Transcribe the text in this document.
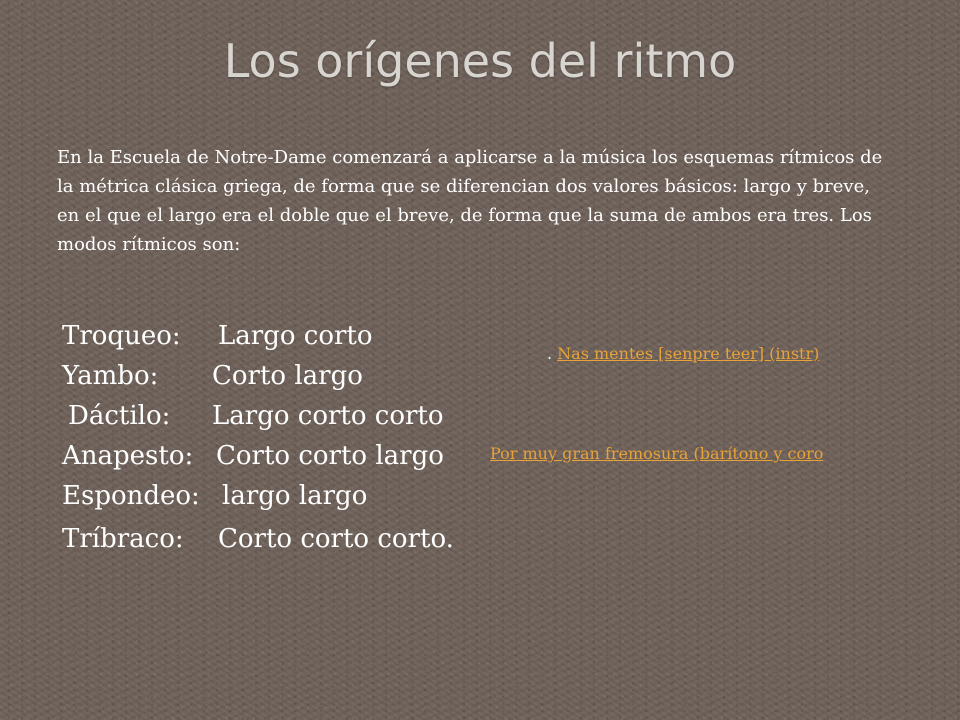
Los orígenes del ritmo

En la Escuela de Notre-Dame comenzará a aplicarse a la música los esquemas rítmicos de la métrica clásica griega, de forma que se diferencian dos valores básicos: largo y breve, en el que el largo era el doble que el breve, de forma que la suma de ambos era tres. Los modos rítmicos son:

Troqueo: Largo corto
Yambo: Corto largo
Dáctilo: Largo corto corto
Anapesto: Corto corto largo
Espondeo: largo largo
Tríbraco: Corto corto corto.
. Nas mentes [senpre teer] (instr)
Por muy gran fremosura (barítono y coro
